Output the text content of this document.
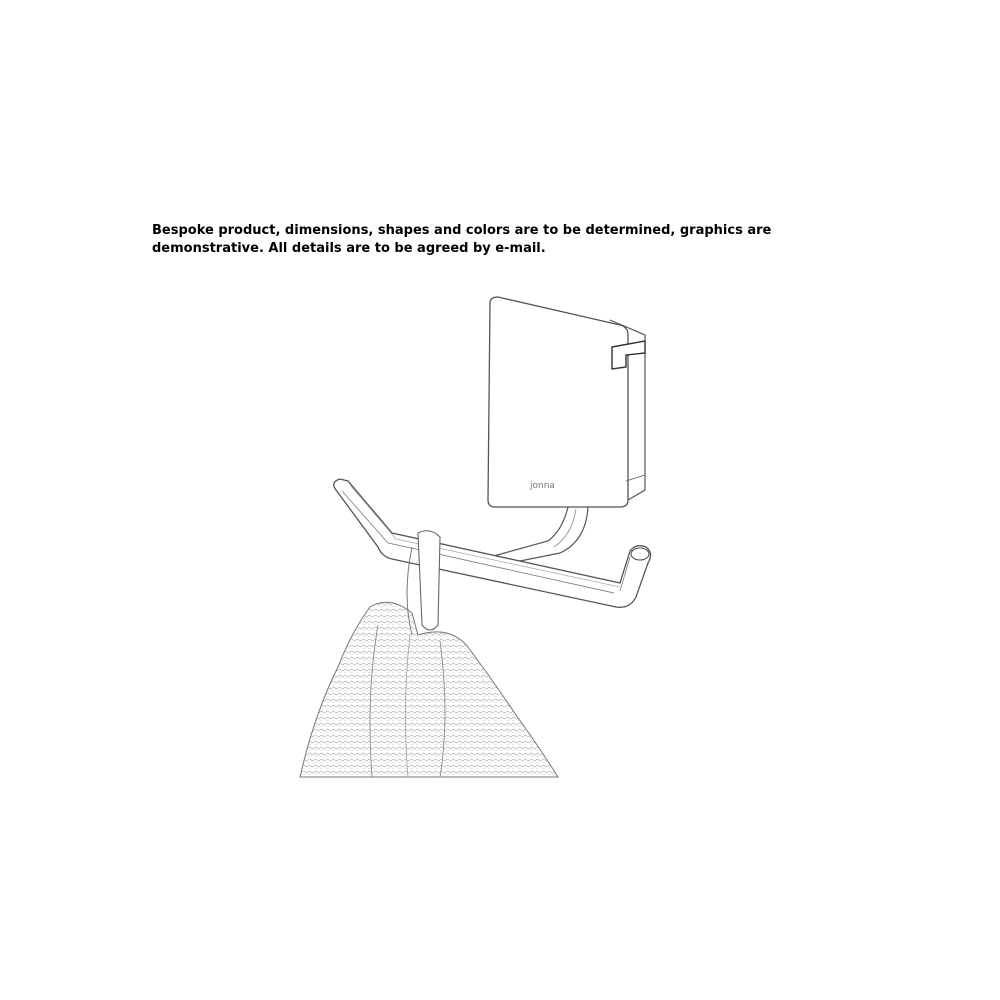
Bespoke product, dimensions, shapes and colors are to be determined, graphics are
demonstrative. All details are to be agreed by e-mail.
jonna
